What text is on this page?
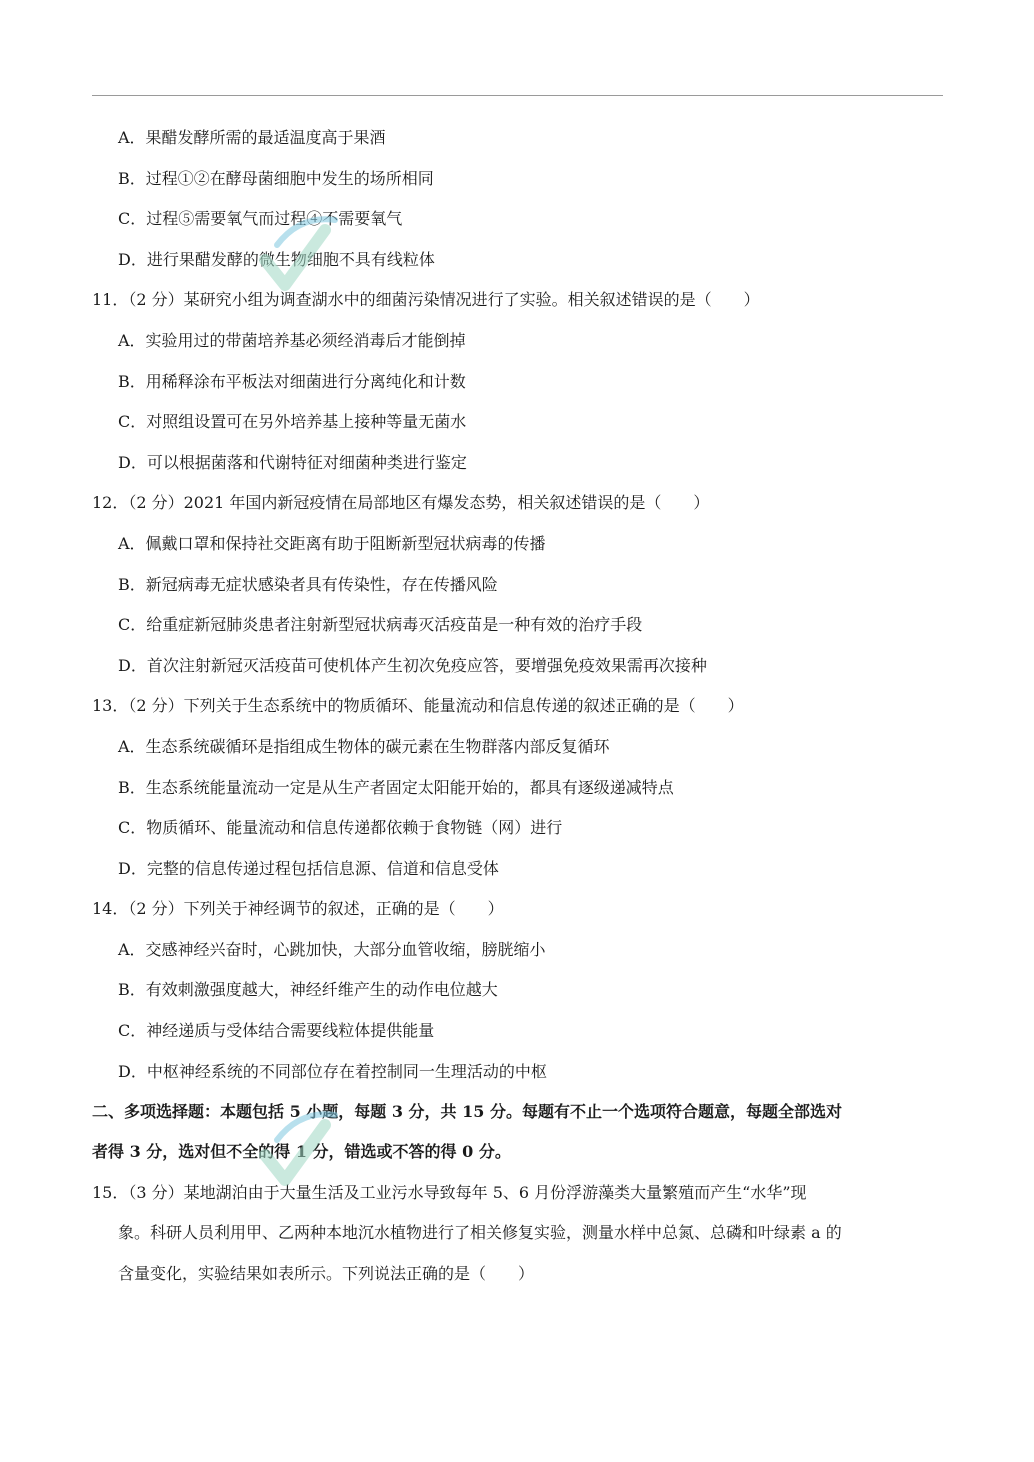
A．果醋发酵所需的最适温度高于果酒
B．过程①②在酵母菌细胞中发生的场所相同
C．过程⑤需要氧气而过程④不需要氧气
D．进行果醋发酵的微生物细胞不具有线粒体
11．（2 分）某研究小组为调查湖水中的细菌污染情况进行了实验。相关叙述错误的是（　　）
A．实验用过的带菌培养基必须经消毒后才能倒掉
B．用稀释涂布平板法对细菌进行分离纯化和计数
C．对照组设置可在另外培养基上接种等量无菌水
D．可以根据菌落和代谢特征对细菌种类进行鉴定
12．（2 分）2021 年国内新冠疫情在局部地区有爆发态势，相关叙述错误的是（　　）
A．佩戴口罩和保持社交距离有助于阻断新型冠状病毒的传播
B．新冠病毒无症状感染者具有传染性，存在传播风险
C．给重症新冠肺炎患者注射新型冠状病毒灭活疫苗是一种有效的治疗手段
D．首次注射新冠灭活疫苗可使机体产生初次免疫应答，要增强免疫效果需再次接种
13．（2 分）下列关于生态系统中的物质循环、能量流动和信息传递的叙述正确的是（　　）
A．生态系统碳循环是指组成生物体的碳元素在生物群落内部反复循环
B．生态系统能量流动一定是从生产者固定太阳能开始的，都具有逐级递减特点
C．物质循环、能量流动和信息传递都依赖于食物链（网）进行
D．完整的信息传递过程包括信息源、信道和信息受体
14．（2 分）下列关于神经调节的叙述，正确的是（　　）
A．交感神经兴奋时，心跳加快，大部分血管收缩，膀胱缩小
B．有效刺激强度越大，神经纤维产生的动作电位越大
C．神经递质与受体结合需要线粒体提供能量
D．中枢神经系统的不同部位存在着控制同一生理活动的中枢
二、多项选择题：本题包括 5 小题，每题 3 分，共 15 分。每题有不止一个选项符合题意，每题全部选对
者得 3 分，选对但不全的得 1 分，错选或不答的得 0 分。
15．（3 分）某地湖泊由于大量生活及工业污水导致每年 5、6 月份浮游藻类大量繁殖而产生“水华”现
象。科研人员利用甲、乙两种本地沉水植物进行了相关修复实验，测量水样中总氮、总磷和叶绿素 a 的
含量变化，实验结果如表所示。下列说法正确的是（　　）
